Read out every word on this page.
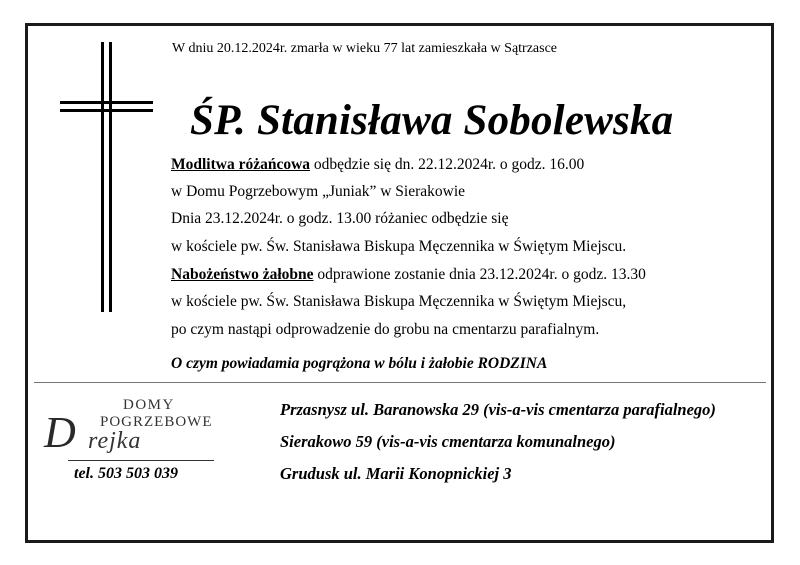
W dniu 20.12.2024r. zmarła w wieku 77 lat zamieszkała w Sątrzasce
ŚP. Stanisława Sobolewska
Modlitwa różańcowa odbędzie się dn. 22.12.2024r. o godz. 16.00
w Domu Pogrzebowym „Juniak” w Sierakowie
Dnia 23.12.2024r. o godz. 13.00 różaniec odbędzie się
w kościele pw. Św. Stanisława Biskupa Męczennika w Świętym Miejscu.
Nabożeństwo żałobne odprawione zostanie dnia 23.12.2024r. o godz. 13.30
w kościele pw. Św. Stanisława Biskupa Męczennika w Świętym Miejscu,
po czym nastąpi odprowadzenie do grobu na cmentarzu parafialnym.
O czym powiadamia pogrążona w bólu i żałobie RODZINA
DOMY
POGRZEBOWE
D rejka
tel. 503 503 039
Przasnysz ul. Baranowska 29 (vis-a-vis cmentarza parafialnego)
Sierakowo 59 (vis-a-vis cmentarza komunalnego)
Grudusk ul. Marii Konopnickiej 3
